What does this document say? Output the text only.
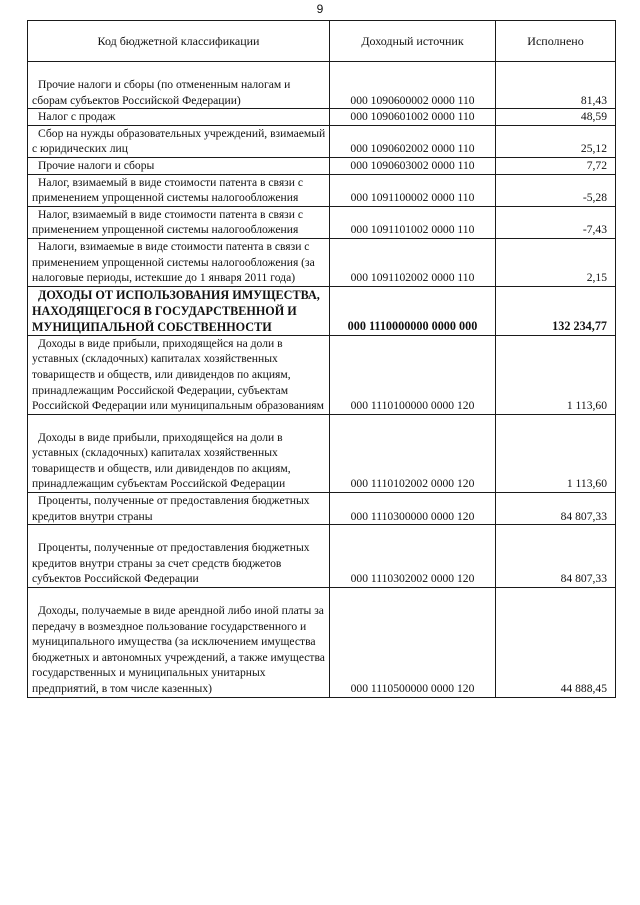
9
Код бюджетной классификации	Доходный источник	Исполнено

Прочие налоги и сборы (по отмененным налогам и сборам субъектов Российской Федерации)	000 1090600002 0000 110	81,43
Налог с продаж	000 1090601002 0000 110	48,59
Сбор на нужды образовательных учреждений, взимаемый с юридических лиц	000 1090602002 0000 110	25,12
Прочие налоги и сборы	000 1090603002 0000 110	7,72
Налог, взимаемый в виде стоимости патента в связи с применением упрощенной системы налогообложения	000 1091100002 0000 110	-5,28
Налог, взимаемый в виде стоимости патента в связи с применением упрощенной системы налогообложения	000 1091101002 0000 110	-7,43
Налоги, взимаемые в виде стоимости патента в связи с применением упрощенной системы налогообложения (за налоговые периоды, истекшие до 1 января 2011 года)	000 1091102002 0000 110	2,15
ДОХОДЫ ОТ ИСПОЛЬЗОВАНИЯ ИМУЩЕСТВА, НАХОДЯЩЕГОСЯ В ГОСУДАРСТВЕННОЙ И МУНИЦИПАЛЬНОЙ СОБСТВЕННОСТИ	000 1110000000 0000 000	132 234,77
Доходы в виде прибыли, приходящейся на доли в уставных (складочных) капиталах хозяйственных товариществ и обществ, или дивидендов по акциям, принадлежащим Российской Федерации, субъектам Российской Федерации или муниципальным образованиям	000 1110100000 0000 120	1 113,60

Доходы в виде прибыли, приходящейся на доли в уставных (складочных) капиталах хозяйственных товариществ и обществ, или дивидендов по акциям, принадлежащим субъектам Российской Федерации	000 1110102002 0000 120	1 113,60
Проценты, полученные от предоставления бюджетных кредитов внутри страны	000 1110300000 0000 120	84 807,33

Проценты, полученные от предоставления бюджетных кредитов внутри страны за счет средств бюджетов субъектов Российской Федерации	000 1110302002 0000 120	84 807,33

Доходы, получаемые в виде арендной либо иной платы за передачу в возмездное пользование государственного и муниципального имущества (за исключением имущества бюджетных и автономных учреждений, а также имущества государственных и муниципальных унитарных предприятий, в том числе казенных)	000 1110500000 0000 120	44 888,45
